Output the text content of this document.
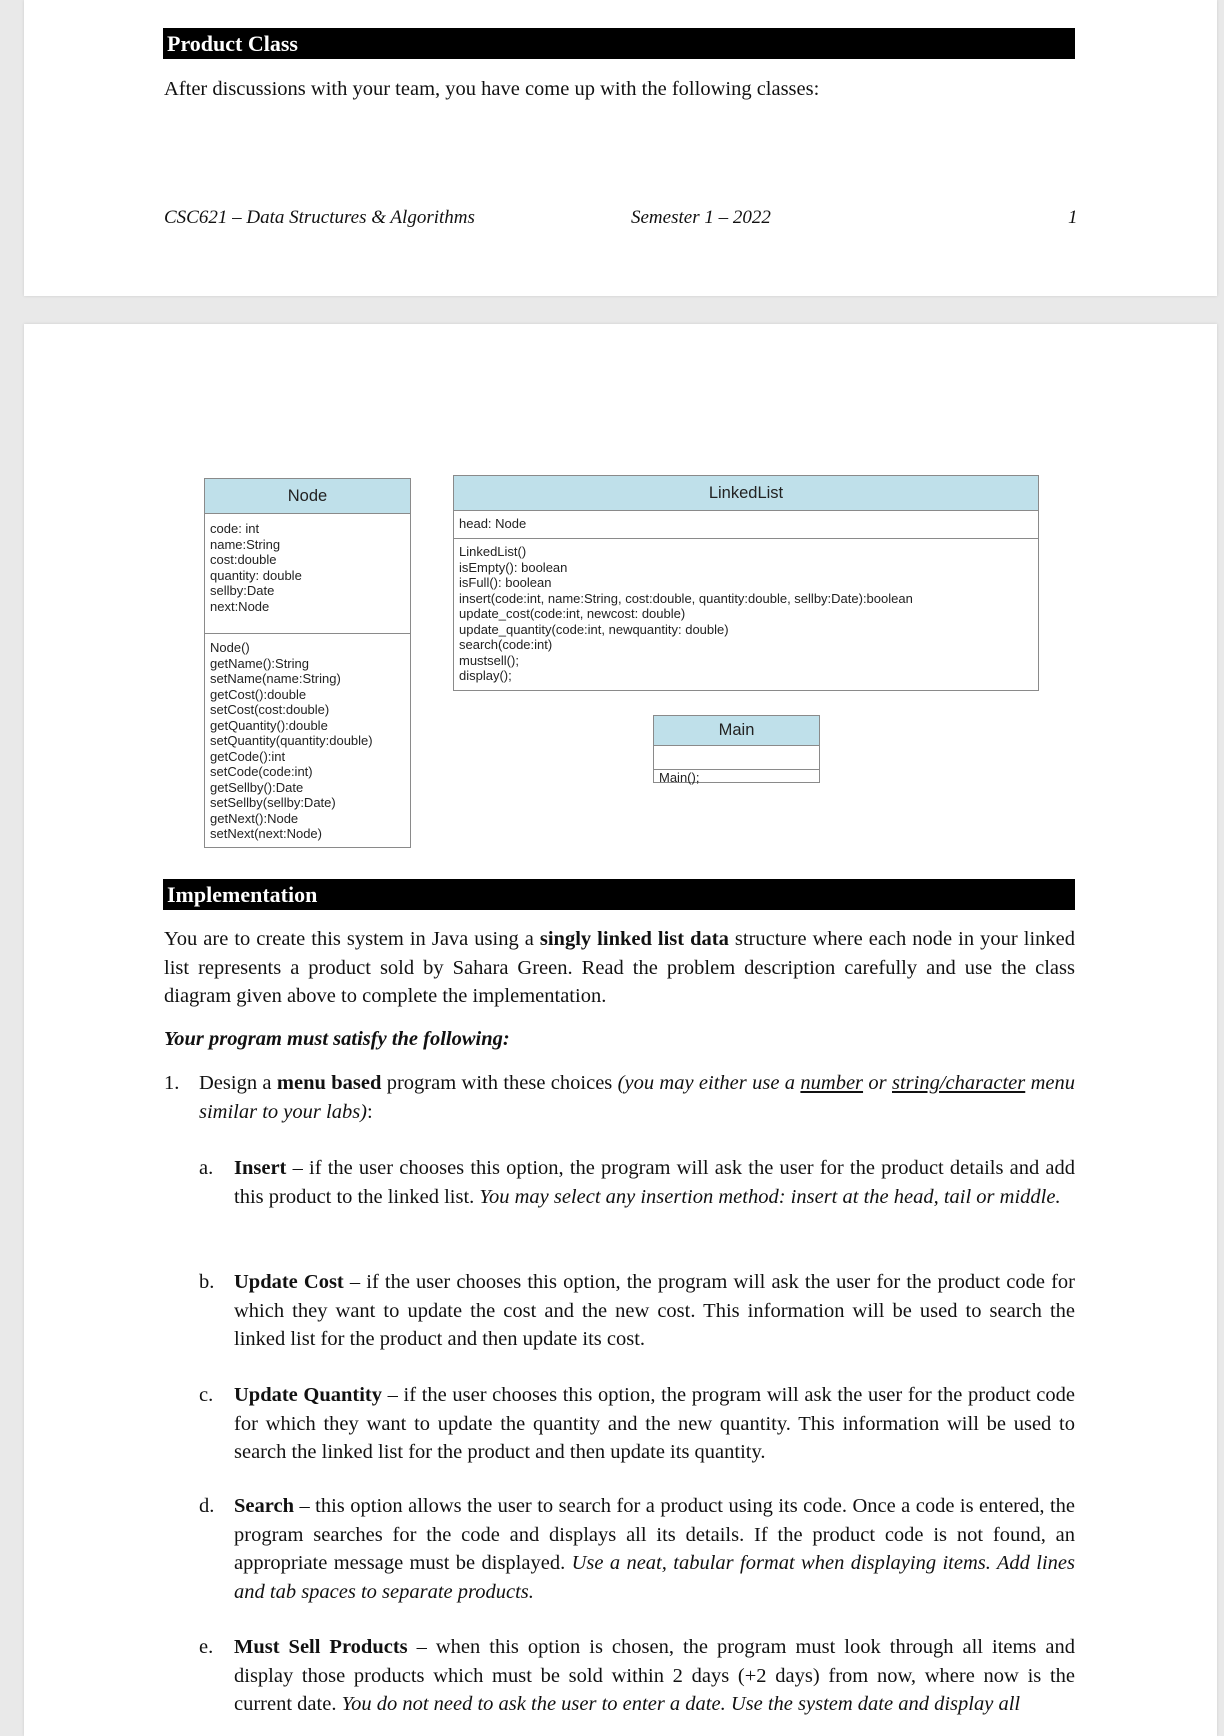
Product Class
After discussions with your team, you have come up with the following classes:
CSC621 – Data Structures & Algorithms	Semester 1 – 2022	1
Node
code: int
name:String
cost:double
quantity: double
sellby:Date
next:Node
Node()
getName():String
setName(name:String)
getCost():double
setCost(cost:double)
getQuantity():double
setQuantity(quantity:double)
getCode():int
setCode(code:int)
getSellby():Date
setSellby(sellby:Date)
getNext():Node
setNext(next:Node)
LinkedList
head: Node
LinkedList()
isEmpty(): boolean
isFull(): boolean
insert(code:int, name:String, cost:double, quantity:double, sellby:Date):boolean
update_cost(code:int, newcost: double)
update_quantity(code:int, newquantity: double)
search(code:int)
mustsell();
display();
Main
Main();
Implementation
You are to create this system in Java using a singly linked list data structure where each node in your linked list represents a product sold by Sahara Green. Read the problem description carefully and use the class diagram given above to complete the implementation.
Your program must satisfy the following:
1. Design a menu based program with these choices (you may either use a number or string/character menu similar to your labs):
a. Insert – if the user chooses this option, the program will ask the user for the product details and add this product to the linked list. You may select any insertion method: insert at the head, tail or middle.
b. Update Cost – if the user chooses this option, the program will ask the user for the product code for which they want to update the cost and the new cost. This information will be used to search the linked list for the product and then update its cost.
c. Update Quantity – if the user chooses this option, the program will ask the user for the product code for which they want to update the quantity and the new quantity. This information will be used to search the linked list for the product and then update its quantity.
d. Search – this option allows the user to search for a product using its code. Once a code is entered, the program searches for the code and displays all its details. If the product code is not found, an appropriate message must be displayed. Use a neat, tabular format when displaying items. Add lines and tab spaces to separate products.
e. Must Sell Products – when this option is chosen, the program must look through all items and display those products which must be sold within 2 days (+2 days) from now, where now is the current date. You do not need to ask the user to enter a date. Use the system date and display all
